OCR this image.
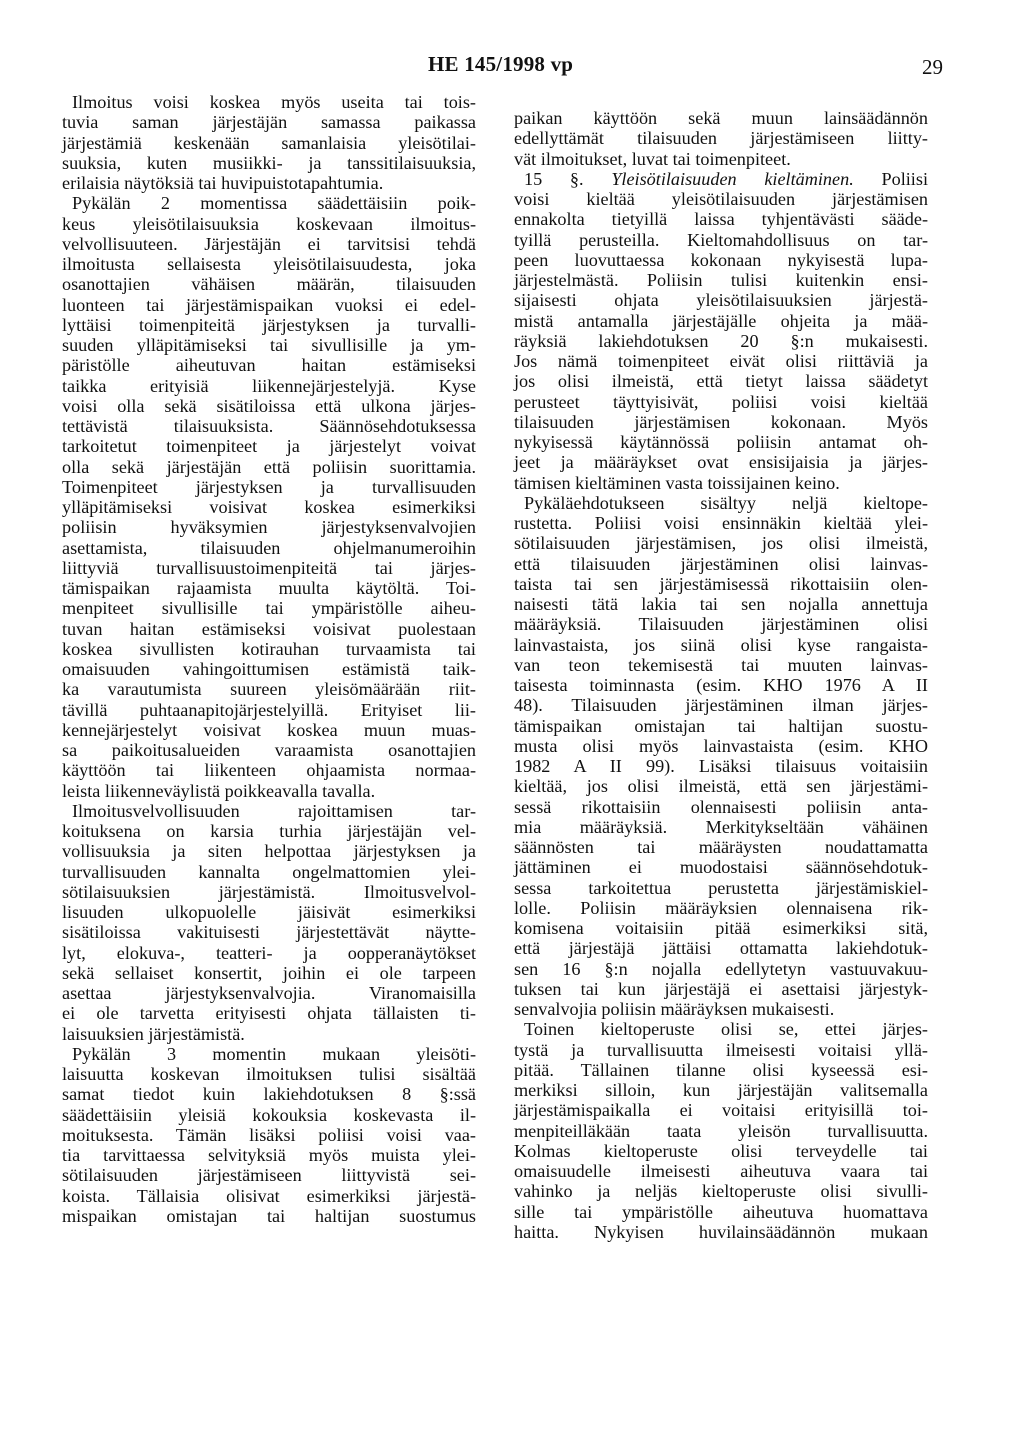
HE 145/1998 vp	29
Ilmoitus voisi koskea myös useita tai tois-
tuvia saman järjestäjän samassa paikassa
järjestämiä keskenään samanlaisia yleisötilai-
suuksia, kuten musiikki- ja tanssitilaisuuksia,
erilaisia näytöksiä tai huvipuistotapahtumia.
Pykälän 2 momentissa säädettäisiin poik-
keus yleisötilaisuuksia koskevaan ilmoitus-
velvollisuuteen. Järjestäjän ei tarvitsisi tehdä
ilmoitusta sellaisesta yleisötilaisuudesta, joka
osanottajien vähäisen määrän, tilaisuuden
luonteen tai järjestämispaikan vuoksi ei edel-
lyttäisi toimenpiteitä järjestyksen ja turvalli-
suuden ylläpitämiseksi tai sivullisille ja ym-
päristölle aiheutuvan haitan estämiseksi
taikka erityisiä liikennejärjestelyjä. Kyse
voisi olla sekä sisätiloissa että ulkona järjes-
tettävistä tilaisuuksista. Säännösehdotuksessa
tarkoitetut toimenpiteet ja järjestelyt voivat
olla sekä järjestäjän että poliisin suorittamia.
Toimenpiteet järjestyksen ja turvallisuuden
ylläpitämiseksi voisivat koskea esimerkiksi
poliisin hyväksymien järjestyksenvalvojien
asettamista, tilaisuuden ohjelmanumeroihin
liittyviä turvallisuustoimenpiteitä tai järjes-
tämispaikan rajaamista muulta käytöltä. Toi-
menpiteet sivullisille tai ympäristölle aiheu-
tuvan haitan estämiseksi voisivat puolestaan
koskea sivullisten kotirauhan turvaamista tai
omaisuuden vahingoittumisen estämistä taik-
ka varautumista suureen yleisömäärään riit-
tävillä puhtaanapitojärjestelyillä. Erityiset lii-
kennejärjestelyt voisivat koskea muun muas-
sa paikoitusalueiden varaamista osanottajien
käyttöön tai liikenteen ohjaamista normaa-
leista liikenneväylistä poikkeavalla tavalla.
Ilmoitusvelvollisuuden rajoittamisen tar-
koituksena on karsia turhia järjestäjän vel-
vollisuuksia ja siten helpottaa järjestyksen ja
turvallisuuden kannalta ongelmattomien ylei-
sötilaisuuksien järjestämistä. Ilmoitusvelvol-
lisuuden ulkopuolelle jäisivät esimerkiksi
sisätiloissa vakituisesti järjestettävät näytte-
lyt, elokuva-, teatteri- ja oopperanäytökset
sekä sellaiset konsertit, joihin ei ole tarpeen
asettaa järjestyksenvalvojia. Viranomaisilla
ei ole tarvetta erityisesti ohjata tällaisten ti-
laisuuksien järjestämistä.
Pykälän 3 momentin mukaan yleisöti-
laisuutta koskevan ilmoituksen tulisi sisältää
samat tiedot kuin lakiehdotuksen 8 §:ssä
säädettäisiin yleisiä kokouksia koskevasta il-
moituksesta. Tämän lisäksi poliisi voisi vaa-
tia tarvittaessa selvityksiä myös muista ylei-
sötilaisuuden järjestämiseen liittyvistä sei-
koista. Tällaisia olisivat esimerkiksi järjestä-
mispaikan omistajan tai haltijan suostumus
paikan käyttöön sekä muun lainsäädännön
edellyttämät tilaisuuden järjestämiseen liitty-
vät ilmoitukset, luvat tai toimenpiteet.
15 §. Yleisötilaisuuden kieltäminen. Poliisi
voisi kieltää yleisötilaisuuden järjestämisen
ennakolta tietyillä laissa tyhjentävästi sääde-
tyillä perusteilla. Kieltomahdollisuus on tar-
peen luovuttaessa kokonaan nykyisestä lupa-
järjestelmästä. Poliisin tulisi kuitenkin ensi-
sijaisesti ohjata yleisötilaisuuksien järjestä-
mistä antamalla järjestäjälle ohjeita ja mää-
räyksiä lakiehdotuksen 20 §:n mukaisesti.
Jos nämä toimenpiteet eivät olisi riittäviä ja
jos olisi ilmeistä, että tietyt laissa säädetyt
perusteet täyttyisivät, poliisi voisi kieltää
tilaisuuden järjestämisen kokonaan. Myös
nykyisessä käytännössä poliisin antamat oh-
jeet ja määräykset ovat ensisijaisia ja järjes-
tämisen kieltäminen vasta toissijainen keino.
Pykäläehdotukseen sisältyy neljä kieltope-
rustetta. Poliisi voisi ensinnäkin kieltää ylei-
sötilaisuuden järjestämisen, jos olisi ilmeistä,
että tilaisuuden järjestäminen olisi lainvas-
taista tai sen järjestämisessä rikottaisiin olen-
naisesti tätä lakia tai sen nojalla annettuja
määräyksiä. Tilaisuuden järjestäminen olisi
lainvastaista, jos siinä olisi kyse rangaista-
van teon tekemisestä tai muuten lainvas-
taisesta toiminnasta (esim. KHO 1976 A II
48). Tilaisuuden järjestäminen ilman järjes-
tämispaikan omistajan tai haltijan suostu-
musta olisi myös lainvastaista (esim. KHO
1982 A II 99). Lisäksi tilaisuus voitaisiin
kieltää, jos olisi ilmeistä, että sen järjestämi-
sessä rikottaisiin olennaisesti poliisin anta-
mia määräyksiä. Merkitykseltään vähäinen
säännösten tai määräysten noudattamatta
jättäminen ei muodostaisi säännösehdotuk-
sessa tarkoitettua perustetta järjestämiskiel-
lolle. Poliisin määräyksien olennaisena rik-
komisena voitaisiin pitää esimerkiksi sitä,
että järjestäjä jättäisi ottamatta lakiehdotuk-
sen 16 §:n nojalla edellytetyn vastuuvakuu-
tuksen tai kun järjestäjä ei asettaisi järjestyk-
senvalvojia poliisin määräyksen mukaisesti.
Toinen kieltoperuste olisi se, ettei järjes-
tystä ja turvallisuutta ilmeisesti voitaisi yllä-
pitää. Tällainen tilanne olisi kyseessä esi-
merkiksi silloin, kun järjestäjän valitsemalla
järjestämispaikalla ei voitaisi erityisillä toi-
menpiteilläkään taata yleisön turvallisuutta.
Kolmas kieltoperuste olisi terveydelle tai
omaisuudelle ilmeisesti aiheutuva vaara tai
vahinko ja neljäs kieltoperuste olisi sivulli-
sille tai ympäristölle aiheutuva huomattava
haitta. Nykyisen huvilainsäädännön mukaan
